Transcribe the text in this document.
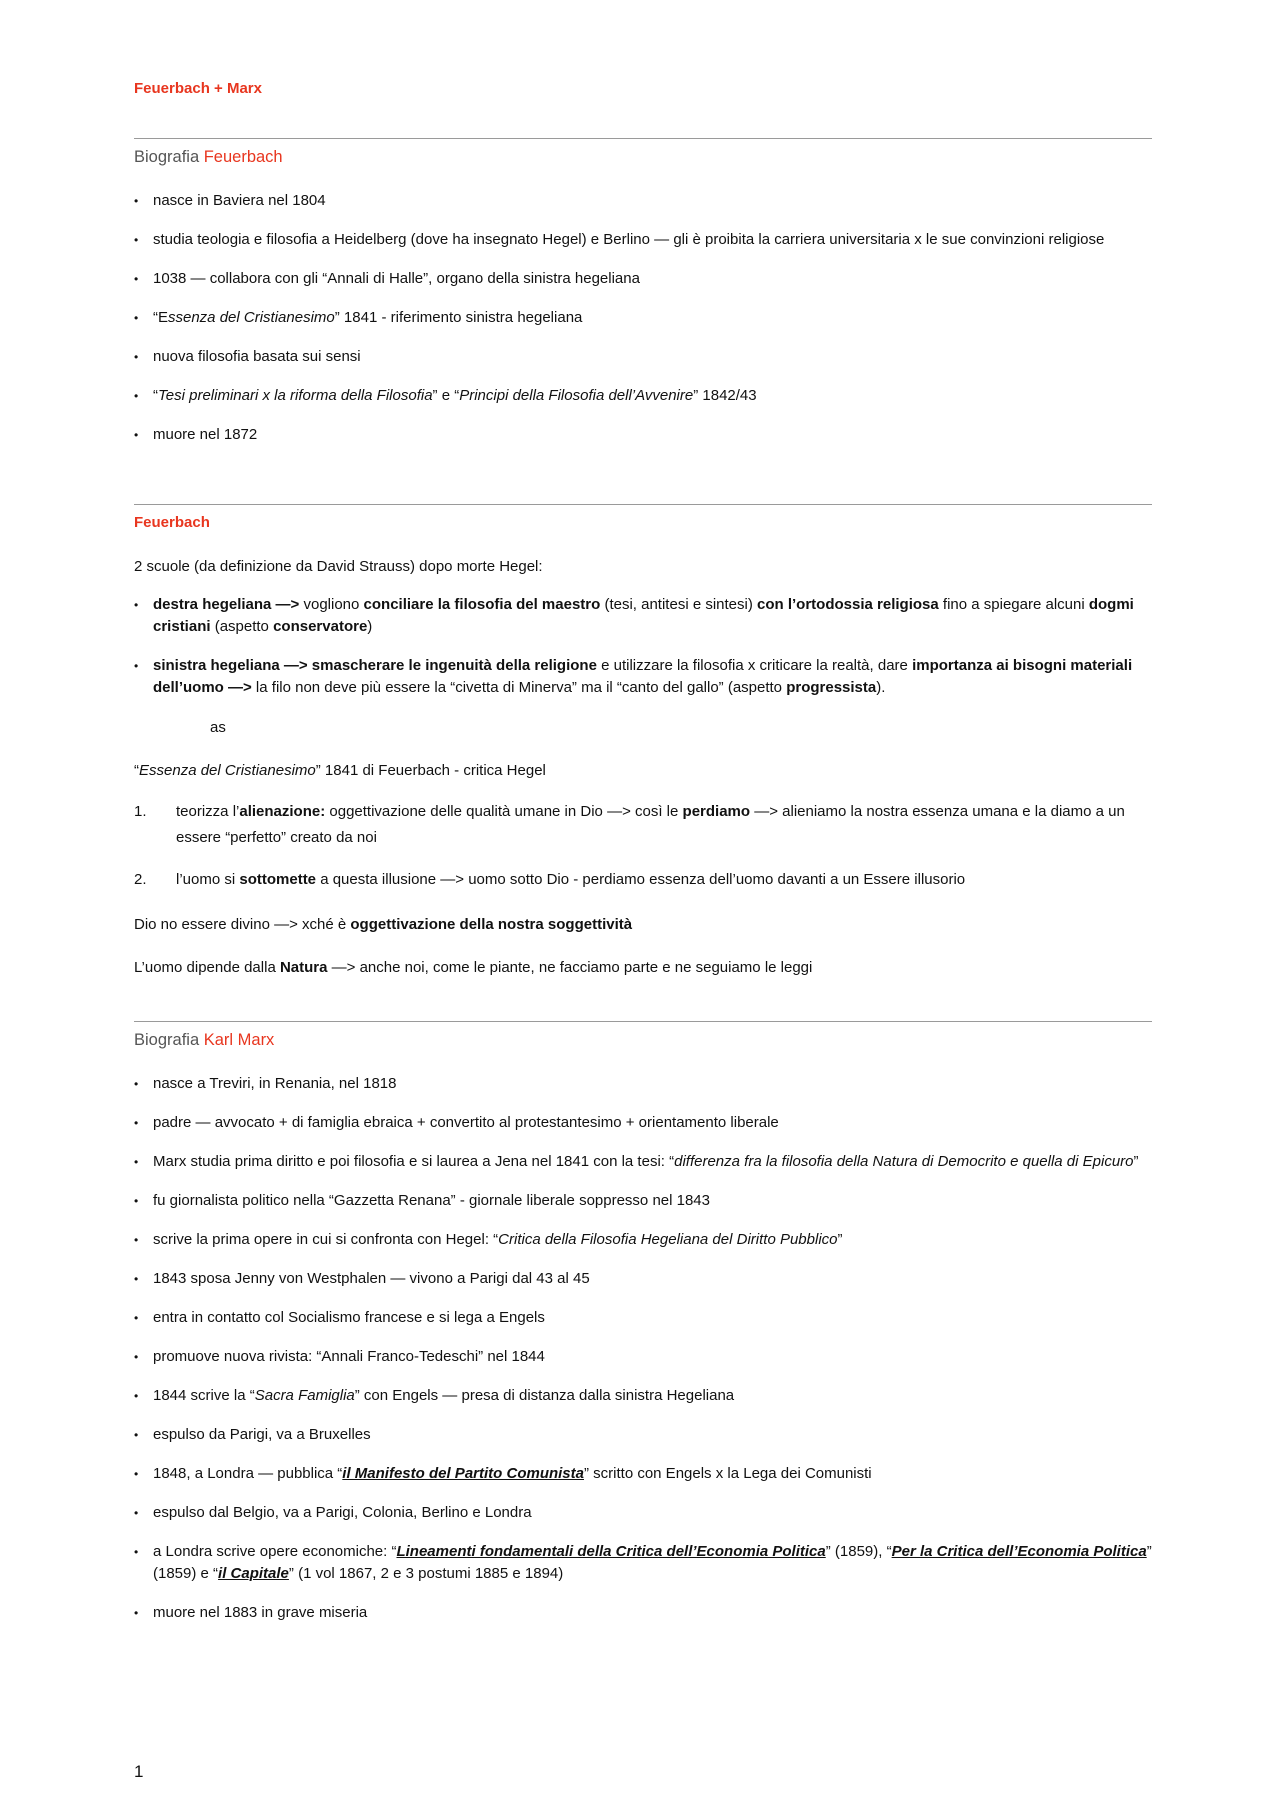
Feuerbach + Marx
Biografia Feuerbach
• nasce in Baviera nel 1804
• studia teologia e filosofia a Heidelberg (dove ha insegnato Hegel) e Berlino — gli è proibita la carriera universitaria x le sue convinzioni religiose
• 1038 — collabora con gli “Annali di Halle”, organo della sinistra hegeliana
• “Essenza del Cristianesimo” 1841 - riferimento sinistra hegeliana
• nuova filosofia basata sui sensi
• “Tesi preliminari x la riforma della Filosofia” e “Principi della Filosofia dell’Avvenire” 1842/43
• muore nel 1872
Feuerbach
2 scuole (da definizione da David Strauss) dopo morte Hegel:
• destra hegeliana —> vogliono conciliare la filosofia del maestro (tesi, antitesi e sintesi) con l’ortodossia religiosa fino a spiegare alcuni dogmi cristiani (aspetto conservatore)
• sinistra hegeliana —> smascherare le ingenuità della religione e utilizzare la filosofia x criticare la realtà, dare importanza ai bisogni materiali dell’uomo —> la filo non deve più essere la “civetta di Minerva” ma il “canto del gallo” (aspetto progressista).
as
“Essenza del Cristianesimo” 1841 di Feuerbach - critica Hegel
1. teorizza l’alienazione: oggettivazione delle qualità umane in Dio —> così le perdiamo —> alieniamo la nostra essenza umana e la diamo a un essere “perfetto” creato da noi
2. l’uomo si sottomette a questa illusione —> uomo sotto Dio - perdiamo essenza dell’uomo davanti a un Essere illusorio
Dio no essere divino —> xché è oggettivazione della nostra soggettività
L’uomo dipende dalla Natura —> anche noi, come le piante, ne facciamo parte e ne seguiamo le leggi
Biografia Karl Marx
• nasce a Treviri, in Renania, nel 1818
• padre — avvocato + di famiglia ebraica + convertito al protestantesimo + orientamento liberale
• Marx studia prima diritto e poi filosofia e si laurea a Jena nel 1841 con la tesi: “differenza fra la filosofia della Natura di Democrito e quella di Epicuro”
• fu giornalista politico nella “Gazzetta Renana” - giornale liberale soppresso nel 1843
• scrive la prima opere in cui si confronta con Hegel: “Critica della Filosofia Hegeliana del Diritto Pubblico”
• 1843 sposa Jenny von Westphalen — vivono a Parigi dal 43 al 45
• entra in contatto col Socialismo francese e si lega a Engels
• promuove nuova rivista: “Annali Franco-Tedeschi” nel 1844
• 1844 scrive la “Sacra Famiglia” con Engels — presa di distanza dalla sinistra Hegeliana
• espulso da Parigi, va a Bruxelles
• 1848, a Londra — pubblica “il Manifesto del Partito Comunista” scritto con Engels x la Lega dei Comunisti
• espulso dal Belgio, va a Parigi, Colonia, Berlino e Londra
• a Londra scrive opere economiche: “Lineamenti fondamentali della Critica dell’Economia Politica” (1859), “Per la Critica dell’Economia Politica” (1859) e “il Capitale” (1 vol 1867, 2 e 3 postumi 1885 e 1894)
• muore nel 1883 in grave miseria
1
